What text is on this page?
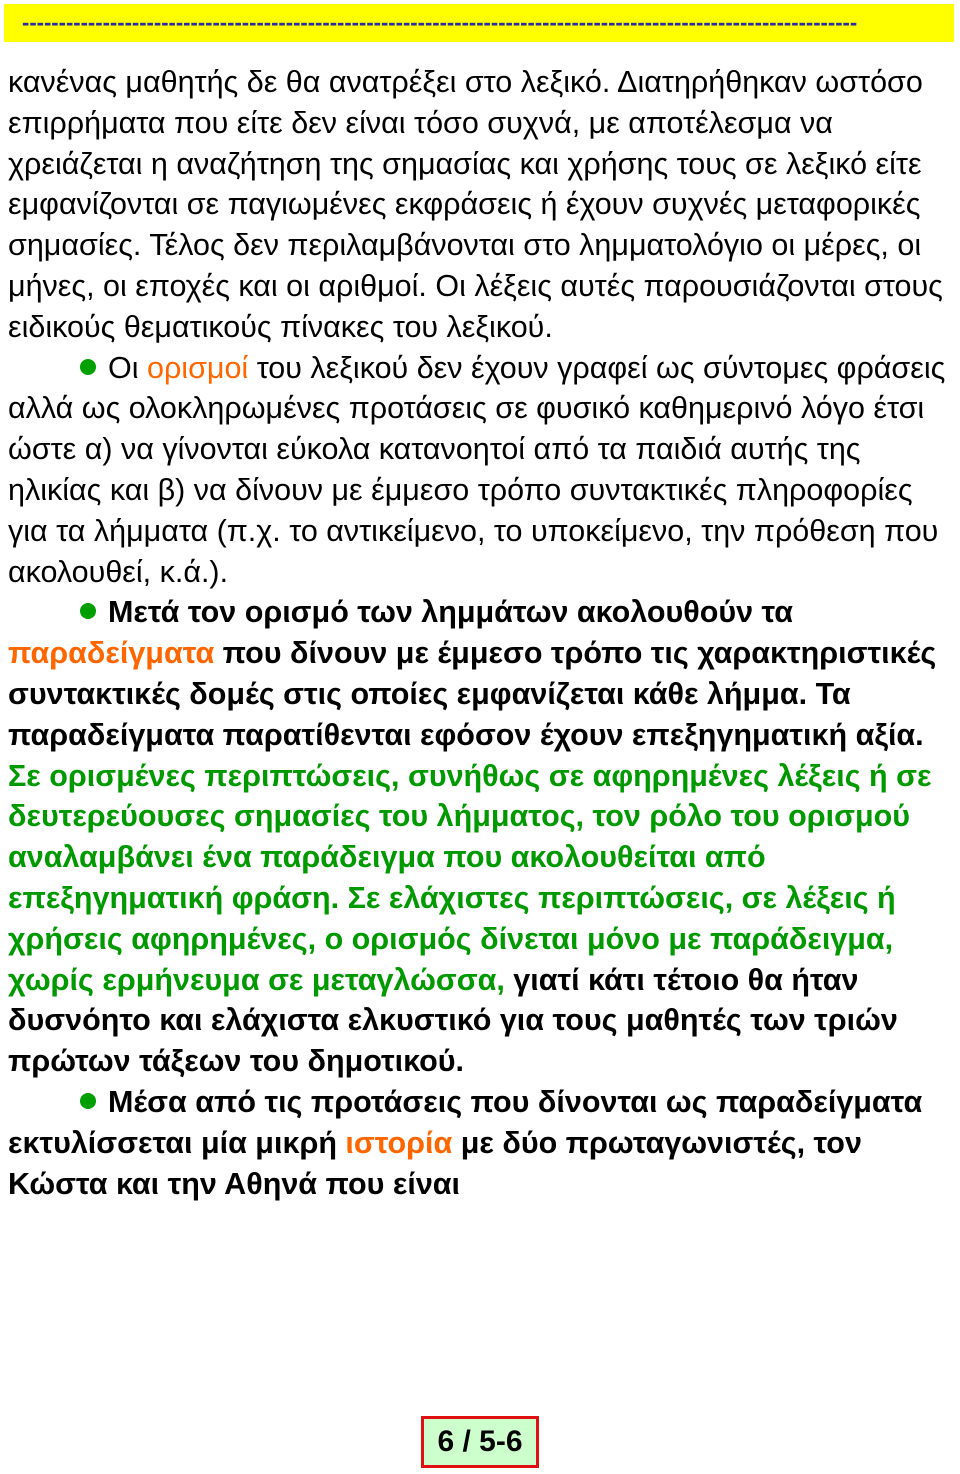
------------------------------------------------------------------------------------------------------------------

κανένας μαθητής δε θα ανατρέξει στο λεξικό. Διατηρήθηκαν ωστόσο επιρρήματα που είτε δεν είναι τόσο συχνά, με αποτέλεσμα να χρειάζεται η αναζήτηση της σημασίας και χρήσης τους σε λεξικό είτε εμφανίζονται σε παγιωμένες εκφράσεις ή έχουν συχνές μεταφορικές σημασίες. Τέλος δεν περιλαμβάνονται στο λημματολόγιο οι μέρες, οι μήνες, οι εποχές και οι αριθμοί. Οι λέξεις αυτές παρουσιάζονται στους ειδικούς θεματικούς πίνακες του λεξικού.

Οι ορισμοί του λεξικού δεν έχουν γραφεί ως σύντομες φράσεις αλλά ως ολοκληρωμένες προτάσεις σε φυσικό καθημερινό λόγο έτσι ώστε α) να γίνονται εύκολα κατανοητοί από τα παιδιά αυτής της ηλικίας και β) να δίνουν με έμμεσο τρόπο συντακτικές πληροφορίες για τα λήμματα (π.χ. το αντικείμενο, το υποκείμενο, την πρόθεση που ακολουθεί, κ.ά.).

Μετά τον ορισμό των λημμάτων ακολουθούν τα παραδείγματα που δίνουν με έμμεσο τρόπο τις χαρακτηριστικές συντακτικές δομές στις οποίες εμφανίζεται κάθε λήμμα. Τα παραδείγματα παρατίθενται εφόσον έχουν επεξηγηματική αξία. Σε ορισμένες περιπτώσεις, συνήθως σε αφηρημένες λέξεις ή σε δευτερεύουσες σημασίες του λήμματος, τον ρόλο του ορισμού αναλαμβάνει ένα παράδειγμα που ακολουθείται από επεξηγηματική φράση. Σε ελάχιστες περιπτώσεις, σε λέξεις ή χρήσεις αφηρημένες, ο ορισμός δίνεται μόνο με παράδειγμα, χωρίς ερμήνευμα σε μεταγλώσσα, γιατί κάτι τέτοιο θα ήταν δυσνόητο και ελάχιστα ελκυστικό για τους μαθητές των τριών πρώτων τάξεων του δημοτικού.

Μέσα από τις προτάσεις που δίνονται ως παραδείγματα εκτυλίσσεται μία μικρή ιστορία με δύο πρωταγωνιστές, τον Κώστα και την Αθηνά που είναι

6 / 5-6
